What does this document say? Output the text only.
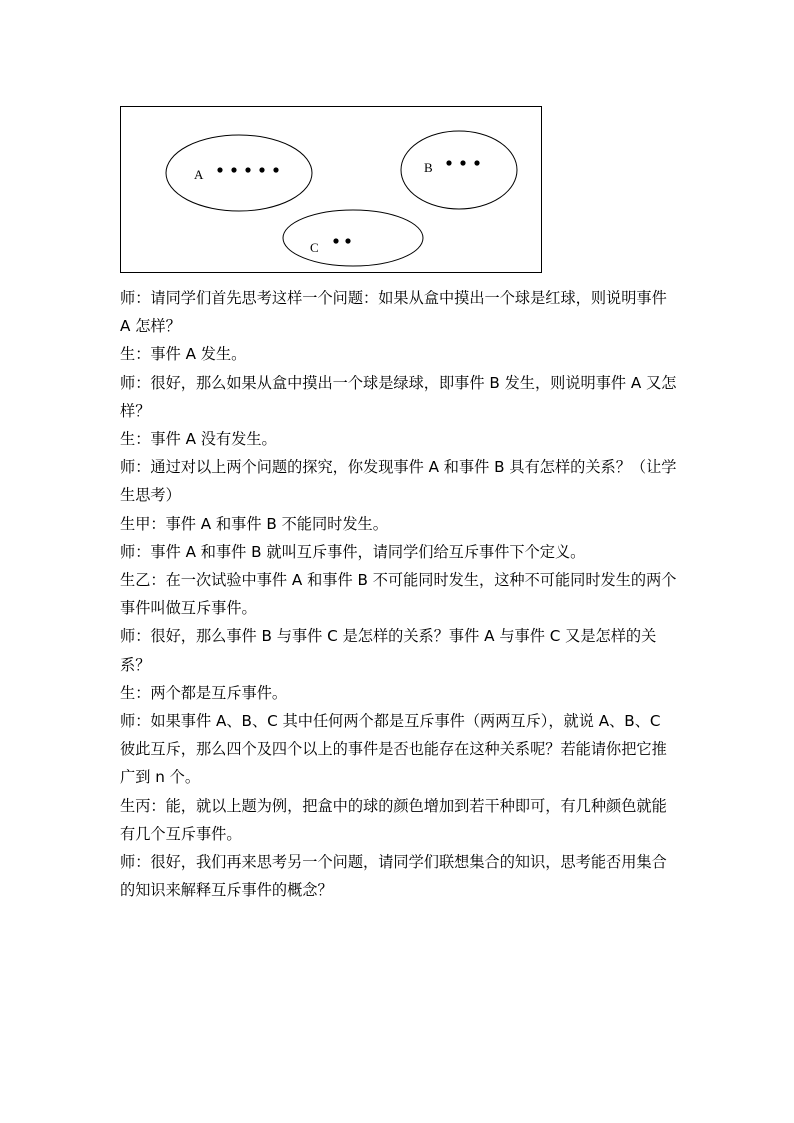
A	B
C

师：请同学们首先思考这样一个问题：如果从盒中摸出一个球是红球，则说明事件 A 怎样？

生：事件 A 发生。

师：很好，那么如果从盒中摸出一个球是绿球，即事件 B 发生，则说明事件 A 又怎样？

生：事件 A 没有发生。

师：通过对以上两个问题的探究，你发现事件 A 和事件 B 具有怎样的关系？（让学生思考）

生甲：事件 A 和事件 B 不能同时发生。

师：事件 A 和事件 B 就叫互斥事件，请同学们给互斥事件下个定义。

生乙：在一次试验中事件 A 和事件 B 不可能同时发生，这种不可能同时发生的两个事件叫做互斥事件。

师：很好，那么事件 B 与事件 C 是怎样的关系？事件 A 与事件 C 又是怎样的关系？

生：两个都是互斥事件。

师：如果事件 A、B、C 其中任何两个都是互斥事件（两两互斥），就说 A、B、C 彼此互斥，那么四个及四个以上的事件是否也能存在这种关系呢？若能请你把它推广到 n 个。

生丙：能，就以上题为例，把盒中的球的颜色增加到若干种即可，有几种颜色就能有几个互斥事件。

师：很好，我们再来思考另一个问题，请同学们联想集合的知识，思考能否用集合的知识来解释互斥事件的概念？
